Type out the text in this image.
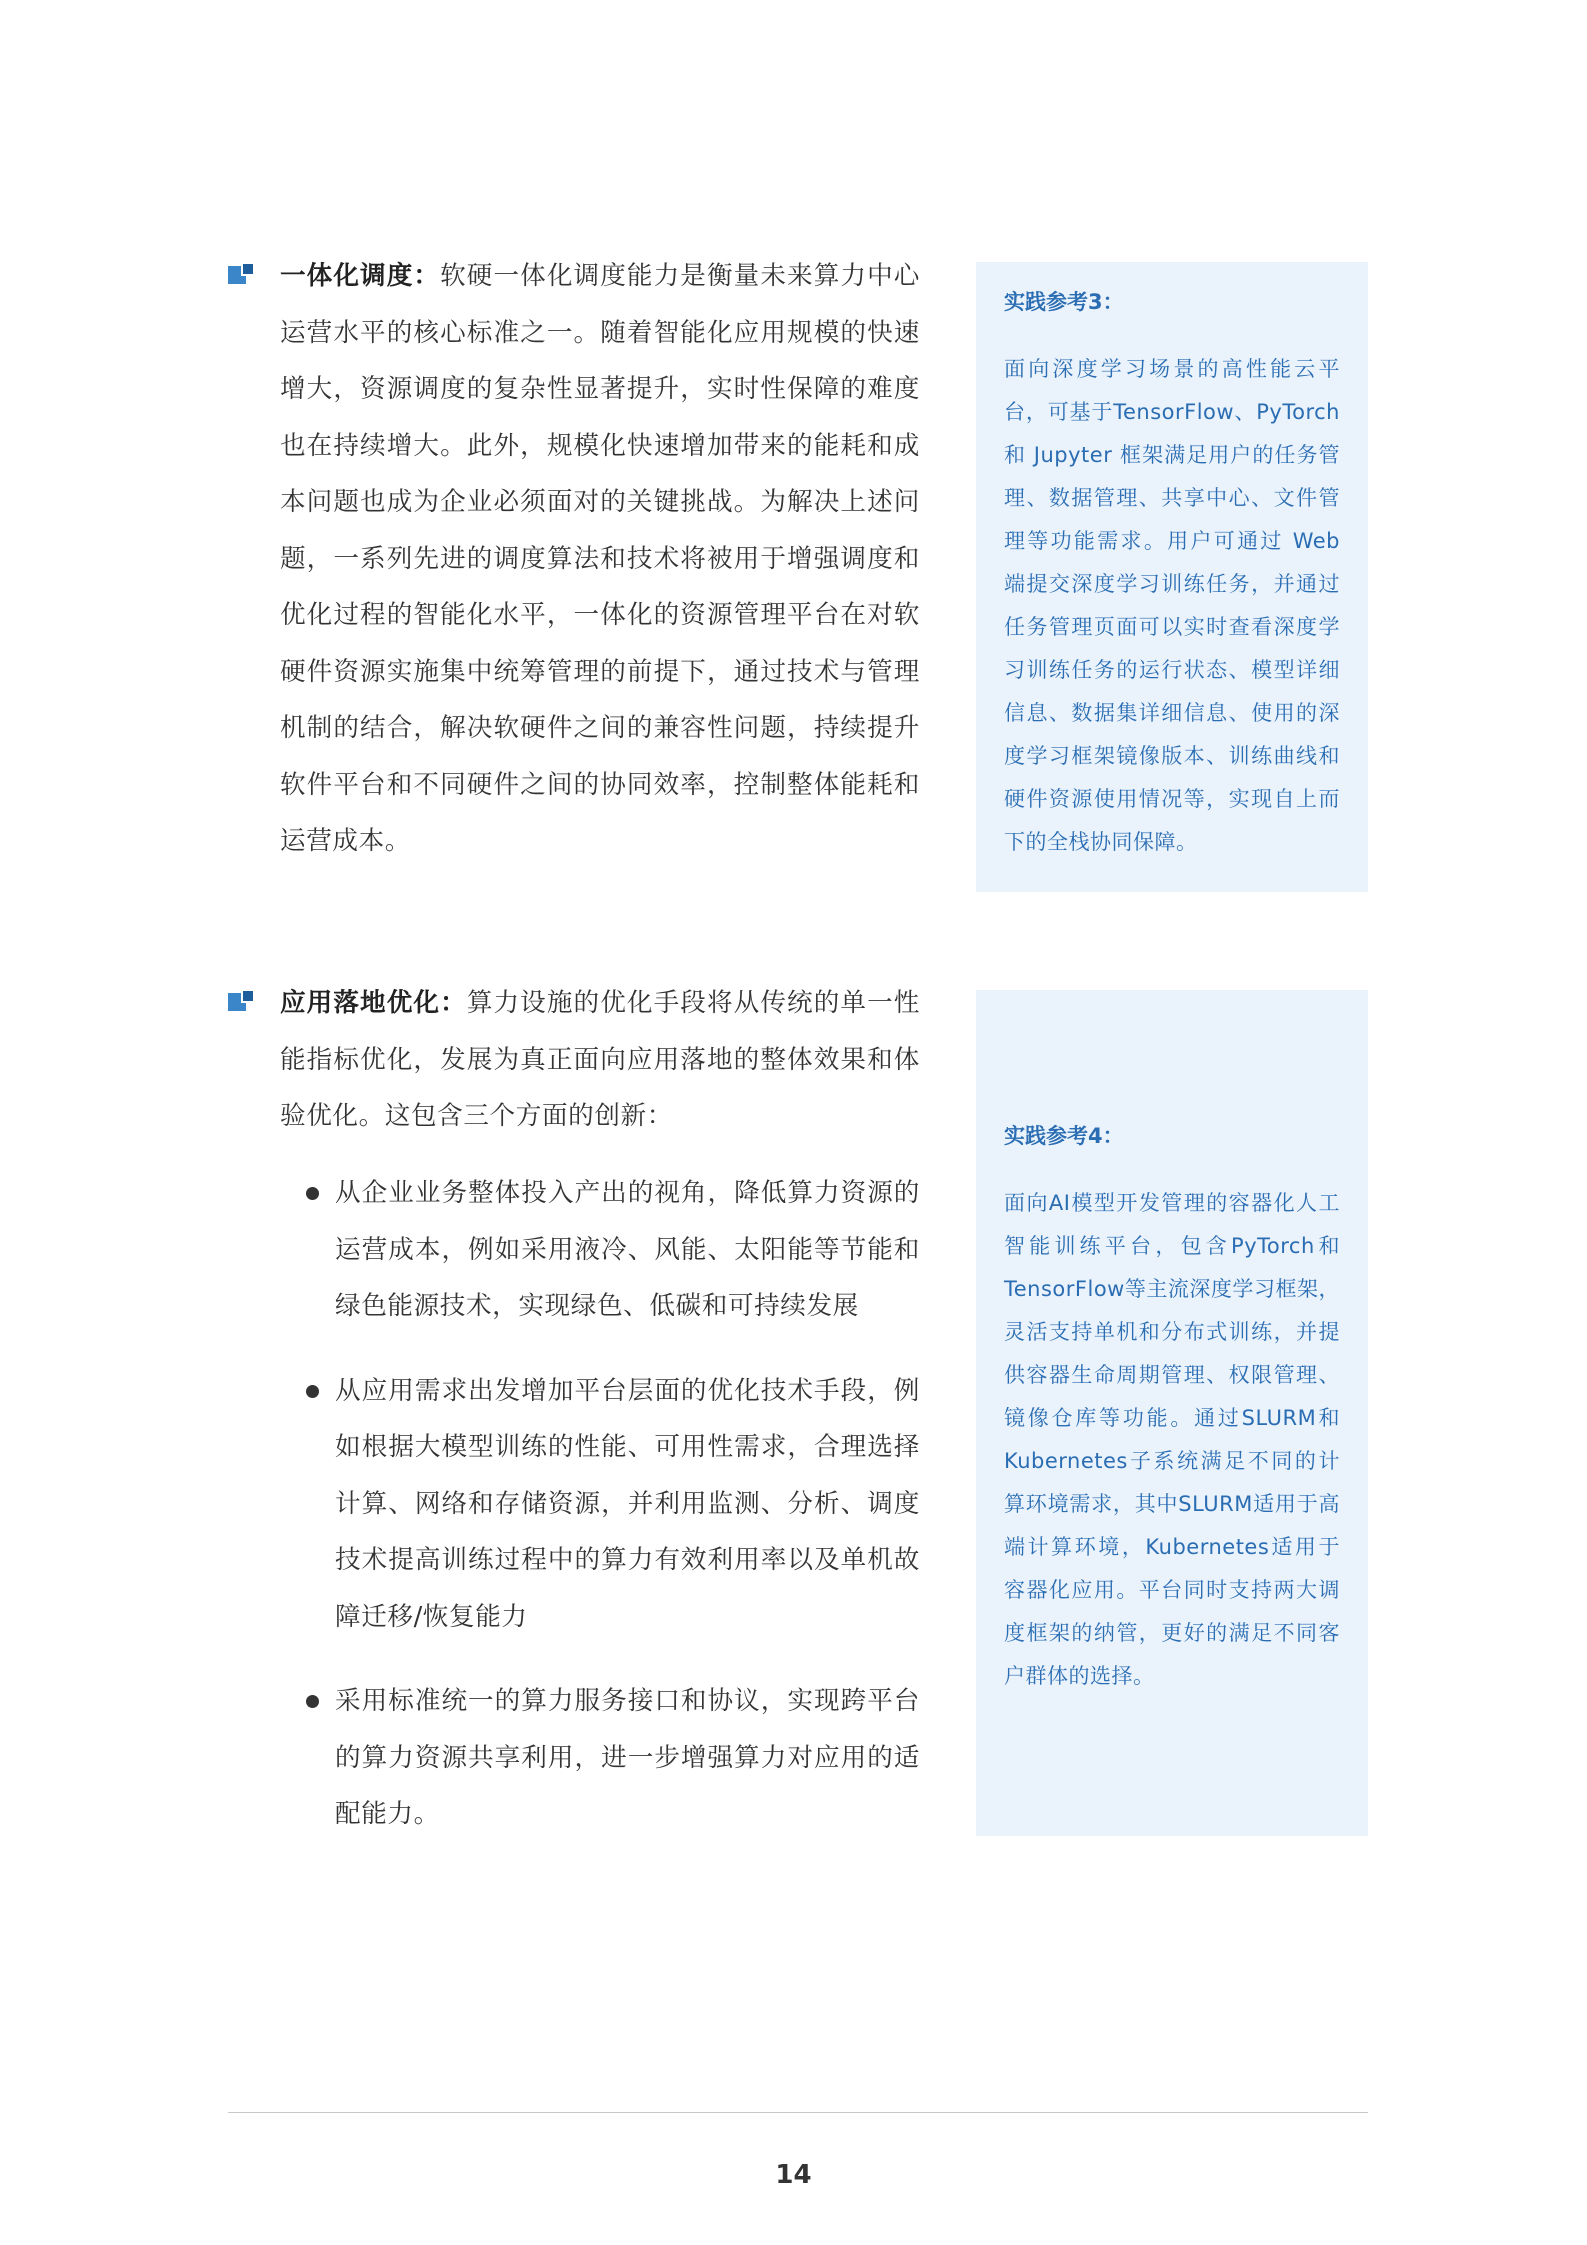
一体化调度：软硬一体化调度能力是衡量未来算力中心运营水平的核心标准之一。随着智能化应用规模的快速增大，资源调度的复杂性显著提升，实时性保障的难度也在持续增大。此外，规模化快速增加带来的能耗和成本问题也成为企业必须面对的关键挑战。为解决上述问题，一系列先进的调度算法和技术将被用于增强调度和优化过程的智能化水平，一体化的资源管理平台在对软硬件资源实施集中统筹管理的前提下，通过技术与管理机制的结合，解决软硬件之间的兼容性问题，持续提升软件平台和不同硬件之间的协同效率，控制整体能耗和运营成本。
实践参考3：
面向深度学习场景的高性能云平台，可基于TensorFlow、PyTorch 和 Jupyter 框架满足用户的任务管理、数据管理、共享中心、文件管理等功能需求。用户可通过 Web 端提交深度学习训练任务，并通过任务管理页面可以实时查看深度学习训练任务的运行状态、模型详细信息、数据集详细信息、使用的深度学习框架镜像版本、训练曲线和硬件资源使用情况等，实现自上而下的全栈协同保障。
应用落地优化：算力设施的优化手段将从传统的单一性能指标优化，发展为真正面向应用落地的整体效果和体验优化。这包含三个方面的创新：
从企业业务整体投入产出的视角，降低算力资源的运营成本，例如采用液冷、风能、太阳能等节能和绿色能源技术，实现绿色、低碳和可持续发展
从应用需求出发增加平台层面的优化技术手段，例如根据大模型训练的性能、可用性需求，合理选择计算、网络和存储资源，并利用监测、分析、调度技术提高训练过程中的算力有效利用率以及单机故障迁移/恢复能力
采用标准统一的算力服务接口和协议，实现跨平台的算力资源共享利用，进一步增强算力对应用的适配能力。
实践参考4：
面向AI模型开发管理的容器化人工智能训练平台，包含PyTorch和TensorFlow等主流深度学习框架，灵活支持单机和分布式训练，并提供容器生命周期管理、权限管理、镜像仓库等功能。通过SLURM和Kubernetes子系统满足不同的计算环境需求，其中SLURM适用于高端计算环境，Kubernetes适用于容器化应用。平台同时支持两大调度框架的纳管，更好的满足不同客户群体的选择。
14
